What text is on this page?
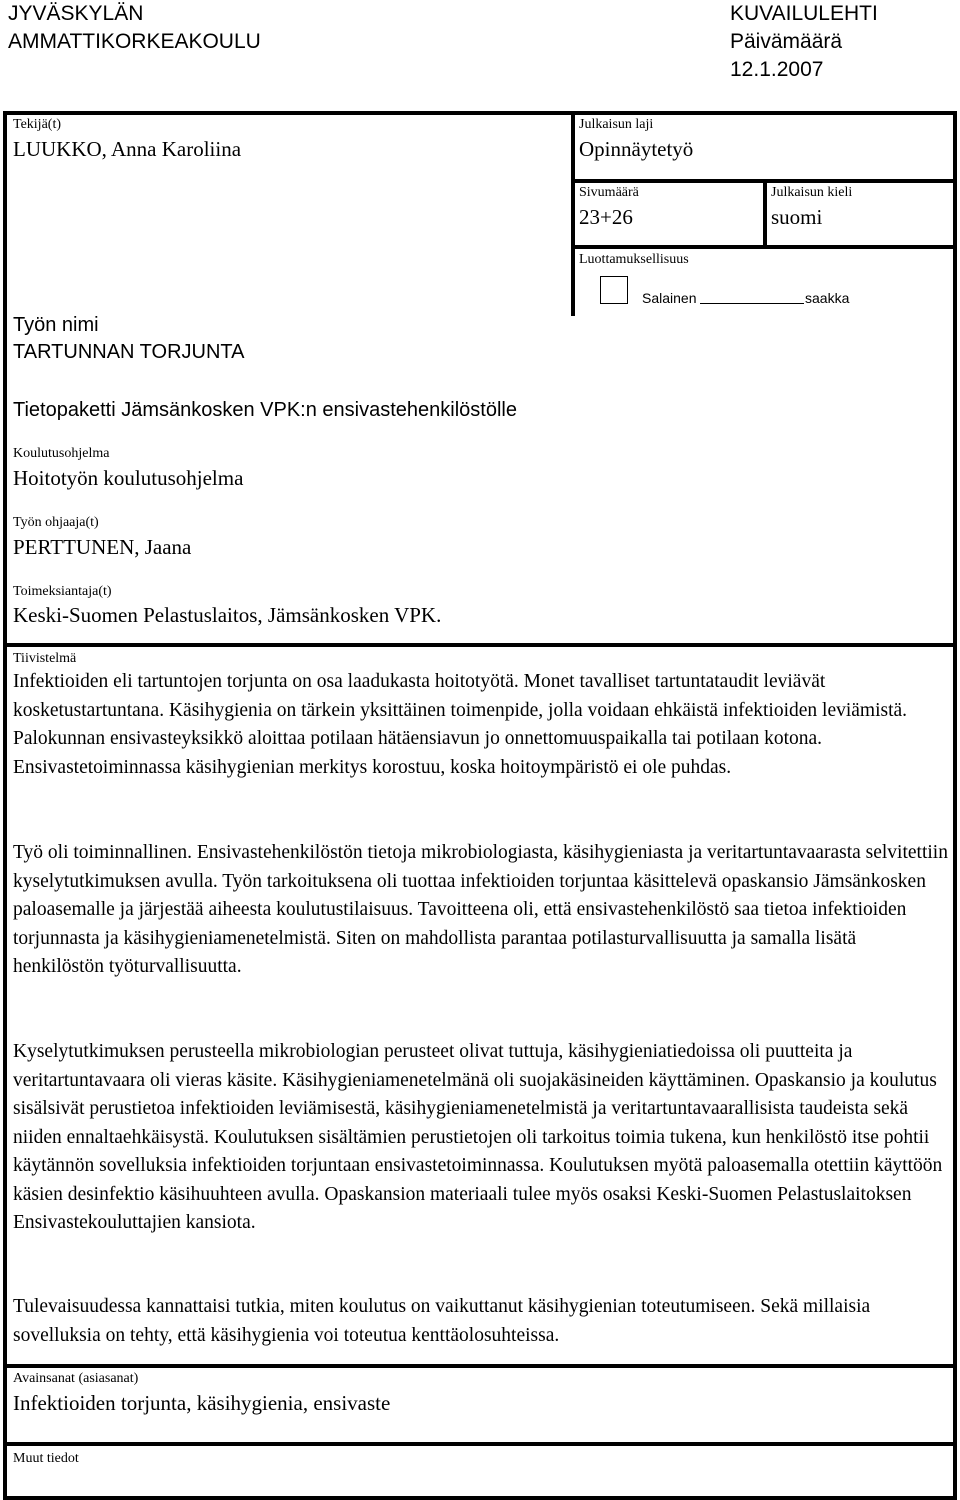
JYVÄSKYLÄN
AMMATTIKORKEAKOULU
KUVAILULEHTI
Päivämäärä
12.1.2007
Tekijä(t)
LUUKKO, Anna Karoliina
Julkaisun laji
Opinnäytetyö
Sivumäärä
23+26
Julkaisun kieli
suomi
Luottamuksellisuus
Salainen	saakka
Työn nimi
TARTUNNAN TORJUNTA
Tietopaketti Jämsänkosken VPK:n ensivastehenkilöstölle
Koulutusohjelma
Hoitotyön koulutusohjelma
Työn ohjaaja(t)
PERTTUNEN, Jaana
Toimeksiantaja(t)
Keski-Suomen Pelastuslaitos, Jämsänkosken VPK.
Tiivistelmä
Infektioiden eli tartuntojen torjunta on osa laadukasta hoitotyötä. Monet tavalliset tartuntataudit leviävät kosketustartuntana. Käsihygienia on tärkein yksittäinen toimenpide, jolla voidaan ehkäistä infektioiden leviämistä. Palokunnan ensivasteyksikkö aloittaa potilaan hätäensiavun jo onnettomuuspaikalla tai potilaan kotona. Ensivastetoiminnassa käsihygienian merkitys korostuu, koska hoitoympäristö ei ole puhdas.
Työ oli toiminnallinen. Ensivastehenkilöstön tietoja mikrobiologiasta, käsihygieniasta ja veritartuntavaarasta selvitettiin kyselytutkimuksen avulla. Työn tarkoituksena oli tuottaa infektioiden torjuntaa käsittelevä opaskansio Jämsänkosken paloasemalle ja järjestää aiheesta koulutustilaisuus. Tavoitteena oli, että ensivastehenkilöstö saa tietoa infektioiden torjunnasta ja käsihygieniamenetelmistä. Siten on mahdollista parantaa potilasturvallisuutta ja samalla lisätä henkilöstön työturvallisuutta.
Kyselytutkimuksen perusteella mikrobiologian perusteet olivat tuttuja, käsihygieniatiedoissa oli puutteita ja veritartuntavaara oli vieras käsite. Käsihygieniamenetelmänä oli suojakäsineiden käyttäminen. Opaskansio ja koulutus sisälsivät perustietoa infektioiden leviämisestä, käsihygieniamenetelmistä ja veritartuntavaarallisista taudeista sekä niiden ennaltaehkäisystä. Koulutuksen sisältämien perustietojen oli tarkoitus toimia tukena, kun henkilöstö itse pohtii käytännön sovelluksia infektioiden torjuntaan ensivastetoiminnassa. Koulutuksen myötä paloasemalla otettiin käyttöön käsien desinfektio käsihuuhteen avulla. Opaskansion materiaali tulee myös osaksi Keski-Suomen Pelastuslaitoksen Ensivastekouluttajien kansiota.
Tulevaisuudessa kannattaisi tutkia, miten koulutus on vaikuttanut käsihygienian toteutumiseen. Sekä millaisia sovelluksia on tehty, että käsihygienia voi toteutua kenttäolosuhteissa.
Avainsanat (asiasanat)
Infektioiden torjunta, käsihygienia, ensivaste
Muut tiedot
